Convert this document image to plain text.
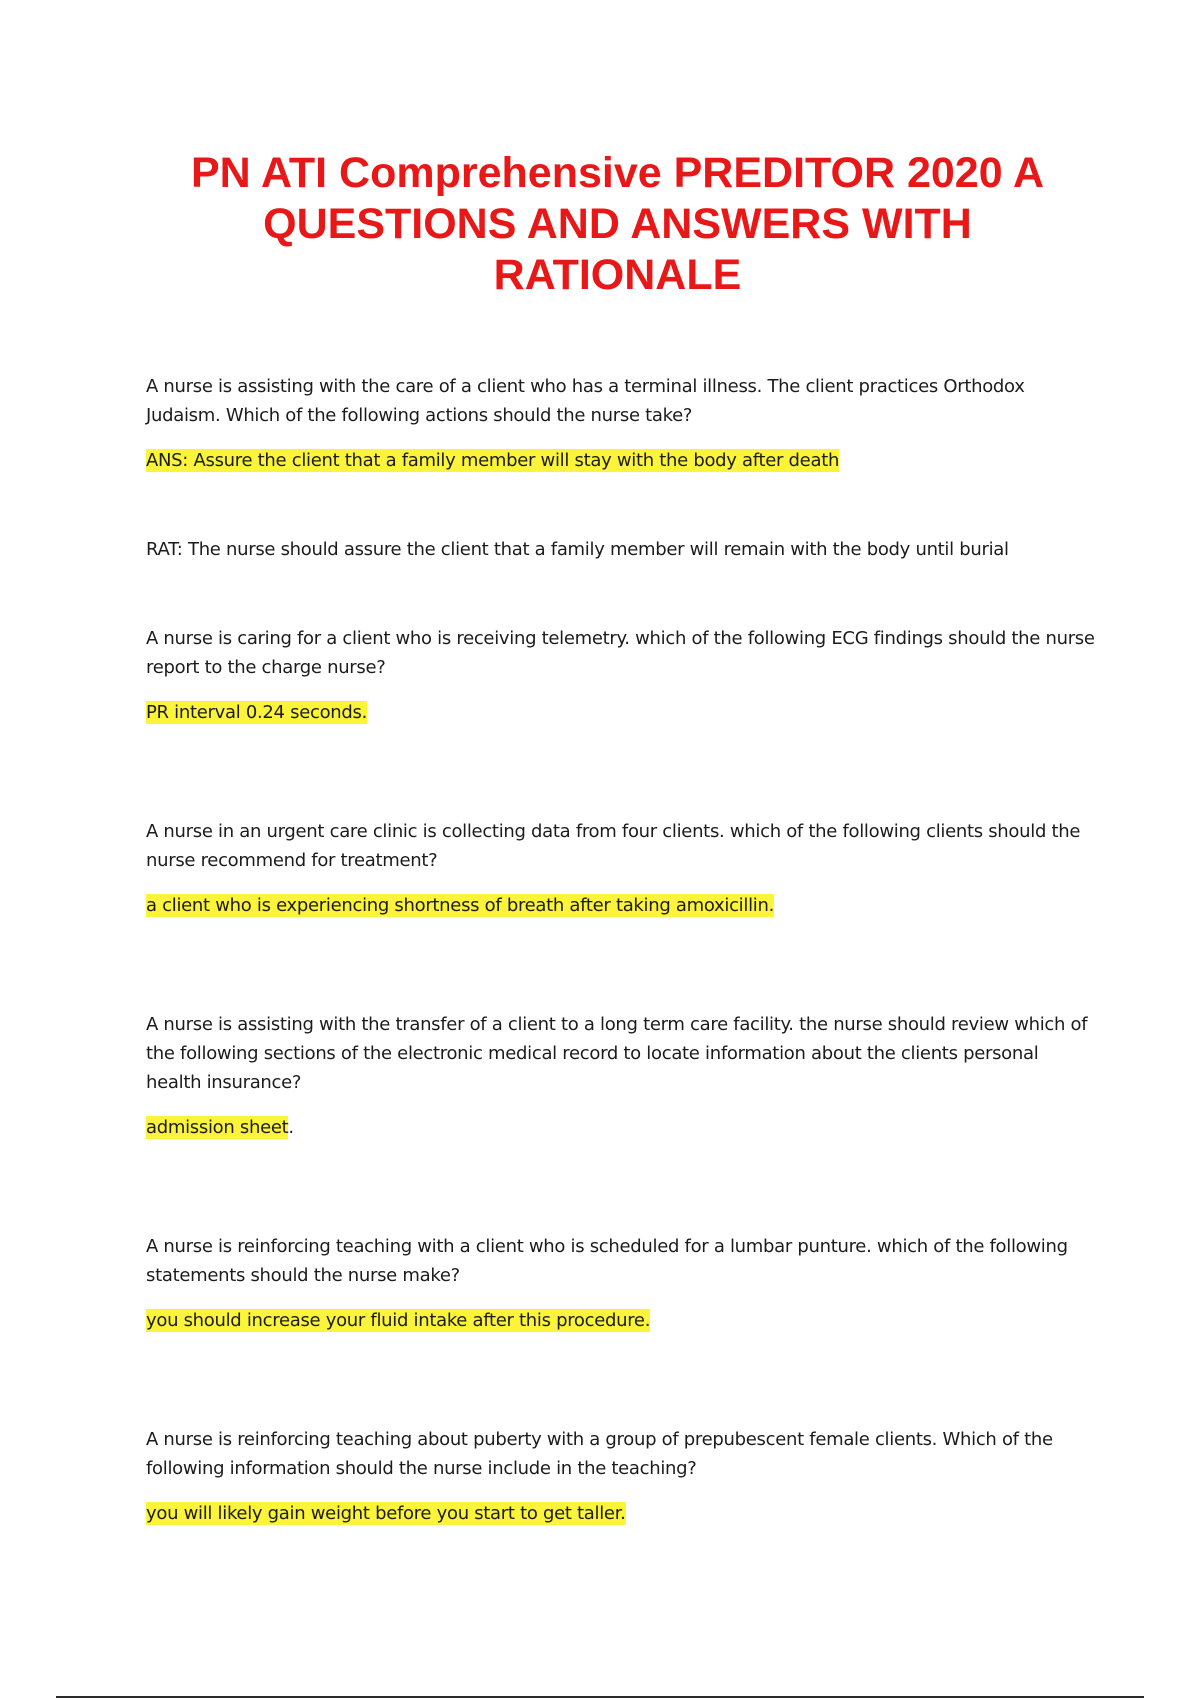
PN ATI Comprehensive PREDITOR 2020 A QUESTIONS AND ANSWERS WITH RATIONALE

A nurse is assisting with the care of a client who has a terminal illness. The client practices Orthodox Judaism. Which of the following actions should the nurse take?

ANS: Assure the client that a family member will stay with the body after death

RAT: The nurse should assure the client that a family member will remain with the body until burial

A nurse is caring for a client who is receiving telemetry. which of the following ECG findings should the nurse report to the charge nurse?

PR interval 0.24 seconds.

A nurse in an urgent care clinic is collecting data from four clients. which of the following clients should the nurse recommend for treatment?

a client who is experiencing shortness of breath after taking amoxicillin.

A nurse is assisting with the transfer of a client to a long term care facility. the nurse should review which of the following sections of the electronic medical record to locate information about the clients personal health insurance?

admission sheet.

A nurse is reinforcing teaching with a client who is scheduled for a lumbar punture. which of the following statements should the nurse make?

you should increase your fluid intake after this procedure.

A nurse is reinforcing teaching about puberty with a group of prepubescent female clients. Which of the following information should the nurse include in the teaching?

you will likely gain weight before you start to get taller.
